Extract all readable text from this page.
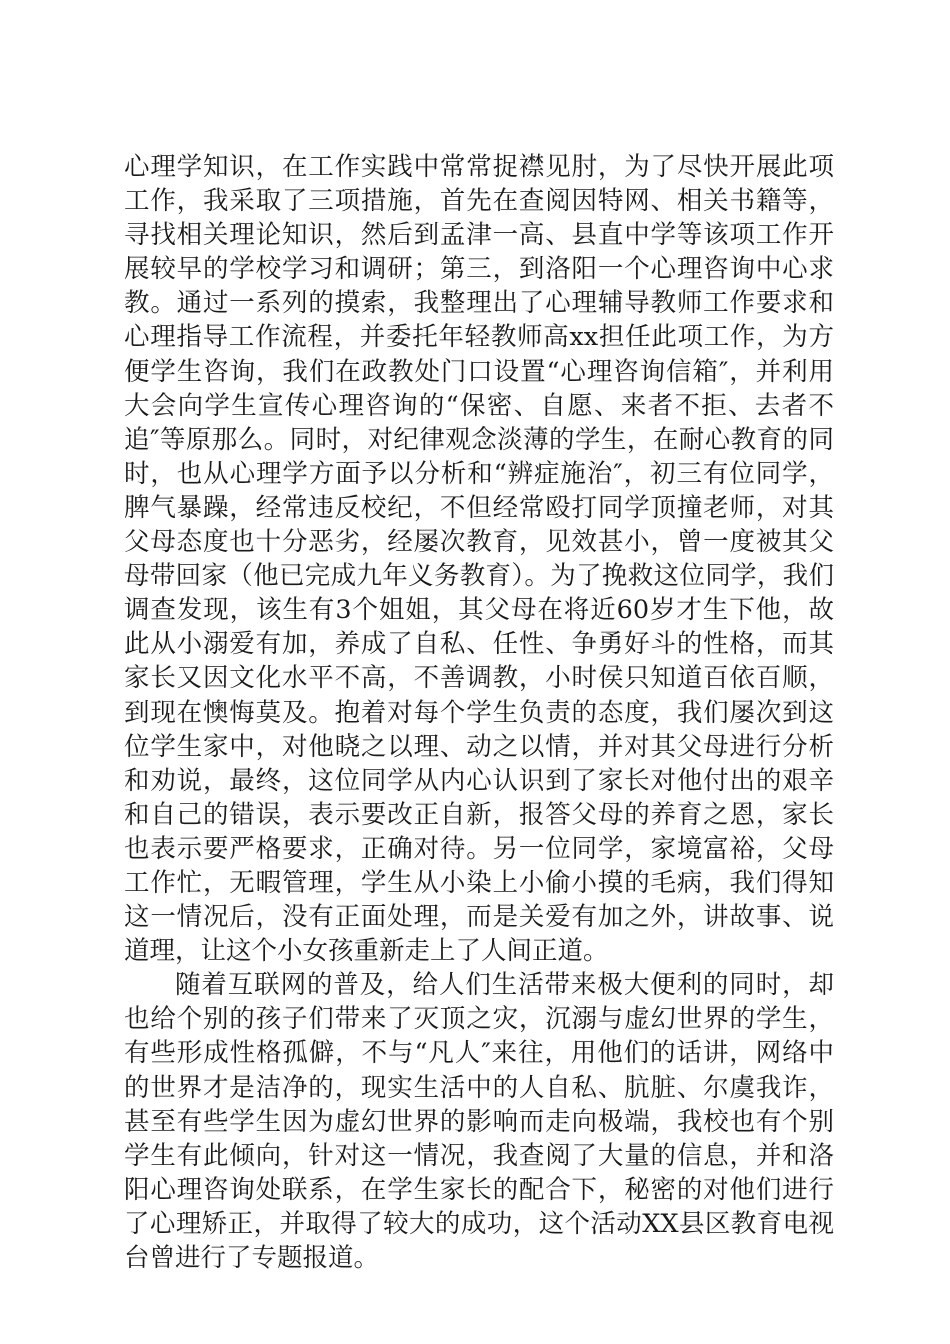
心理学知识，在工作实践中常常捉襟见肘，为了尽快开展此项工作，我采取了三项措施，首先在查阅因特网、相关书籍等，寻找相关理论知识，然后到孟津一高、县直中学等该项工作开展较早的学校学习和调研；第三，到洛阳一个心理咨询中心求教。通过一系列的摸索，我整理出了心理辅导教师工作要求和心理指导工作流程，并委托年轻教师高xx担任此项工作，为方便学生咨询，我们在政教处门口设置“心理咨询信箱″，并利用大会向学生宣传心理咨询的“保密、自愿、来者不拒、去者不追″等原那么。同时，对纪律观念淡薄的学生，在耐心教育的同时，也从心理学方面予以分析和“辨症施治″，初三有位同学，脾气暴躁，经常违反校纪，不但经常殴打同学顶撞老师，对其父母态度也十分恶劣，经屡次教育，见效甚小，曾一度被其父母带回家（他已完成九年义务教育）。为了挽救这位同学，我们调查发现，该生有3个姐姐，其父母在将近60岁才生下他，故此从小溺爱有加，养成了自私、任性、争勇好斗的性格，而其家长又因文化水平不高，不善调教，小时侯只知道百依百顺，到现在懊悔莫及。抱着对每个学生负责的态度，我们屡次到这位学生家中，对他晓之以理、动之以情，并对其父母进行分析和劝说，最终，这位同学从内心认识到了家长对他付出的艰辛和自己的错误，表示要改正自新，报答父母的养育之恩，家长也表示要严格要求，正确对待。另一位同学，家境富裕，父母工作忙，无暇管理，学生从小染上小偷小摸的毛病，我们得知这一情况后，没有正面处理，而是关爱有加之外，讲故事、说道理，让这个小女孩重新走上了人间正道。

随着互联网的普及，给人们生活带来极大便利的同时，却也给个别的孩子们带来了灭顶之灾，沉溺与虚幻世界的学生，有些形成性格孤僻，不与“凡人″来往，用他们的话讲，网络中的世界才是洁净的，现实生活中的人自私、肮脏、尔虞我诈，甚至有些学生因为虚幻世界的影响而走向极端，我校也有个别学生有此倾向，针对这一情况，我查阅了大量的信息，并和洛阳心理咨询处联系，在学生家长的配合下，秘密的对他们进行了心理矫正，并取得了较大的成功，这个活动XX县区教育电视台曾进行了专题报道。
